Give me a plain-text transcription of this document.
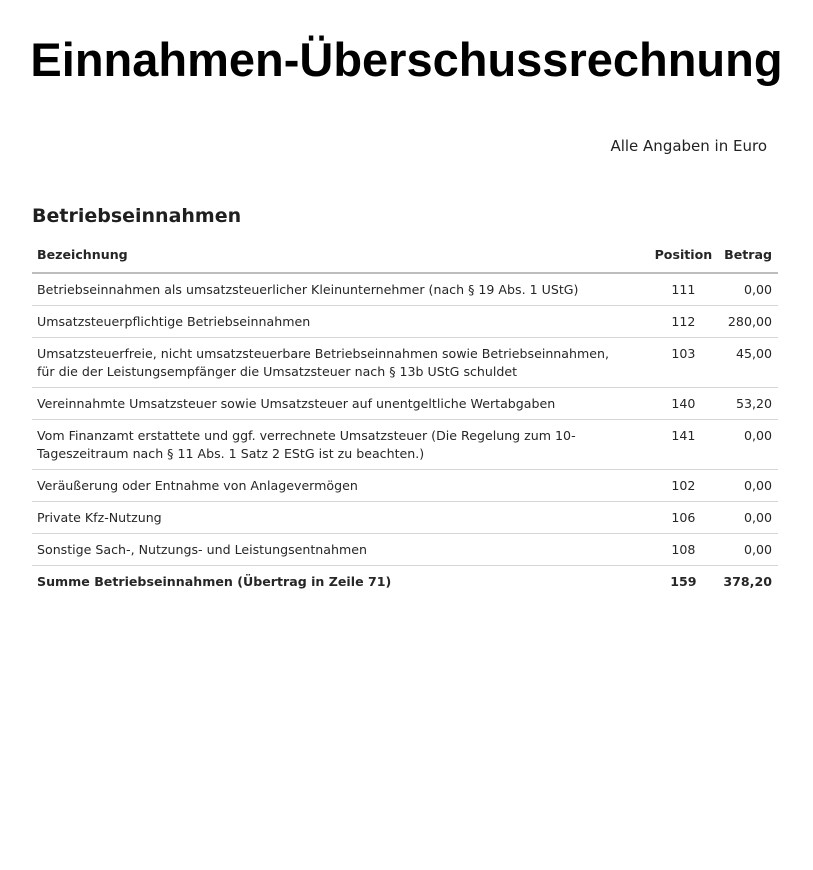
Einnahmen-Überschussrechnung
Alle Angaben in Euro
Betriebseinnahmen
Bezeichnung	Position	Betrag
Betriebseinnahmen als umsatzsteuerlicher Kleinunternehmer (nach § 19 Abs. 1 UStG)	111	0,00
Umsatzsteuerpflichtige Betriebseinnahmen	112	280,00
Umsatzsteuerfreie, nicht umsatzsteuerbare Betriebseinnahmen sowie Betriebseinnahmen, für die der Leistungsempfänger die Umsatzsteuer nach § 13b UStG schuldet	103	45,00
Vereinnahmte Umsatzsteuer sowie Umsatzsteuer auf unentgeltliche Wertabgaben	140	53,20
Vom Finanzamt erstattete und ggf. verrechnete Umsatzsteuer (Die Regelung zum 10-Tageszeitraum nach § 11 Abs. 1 Satz 2 EStG ist zu beachten.)	141	0,00
Veräußerung oder Entnahme von Anlagevermögen	102	0,00
Private Kfz-Nutzung	106	0,00
Sonstige Sach-, Nutzungs- und Leistungsentnahmen	108	0,00
Summe Betriebseinnahmen (Übertrag in Zeile 71)	159	378,20
